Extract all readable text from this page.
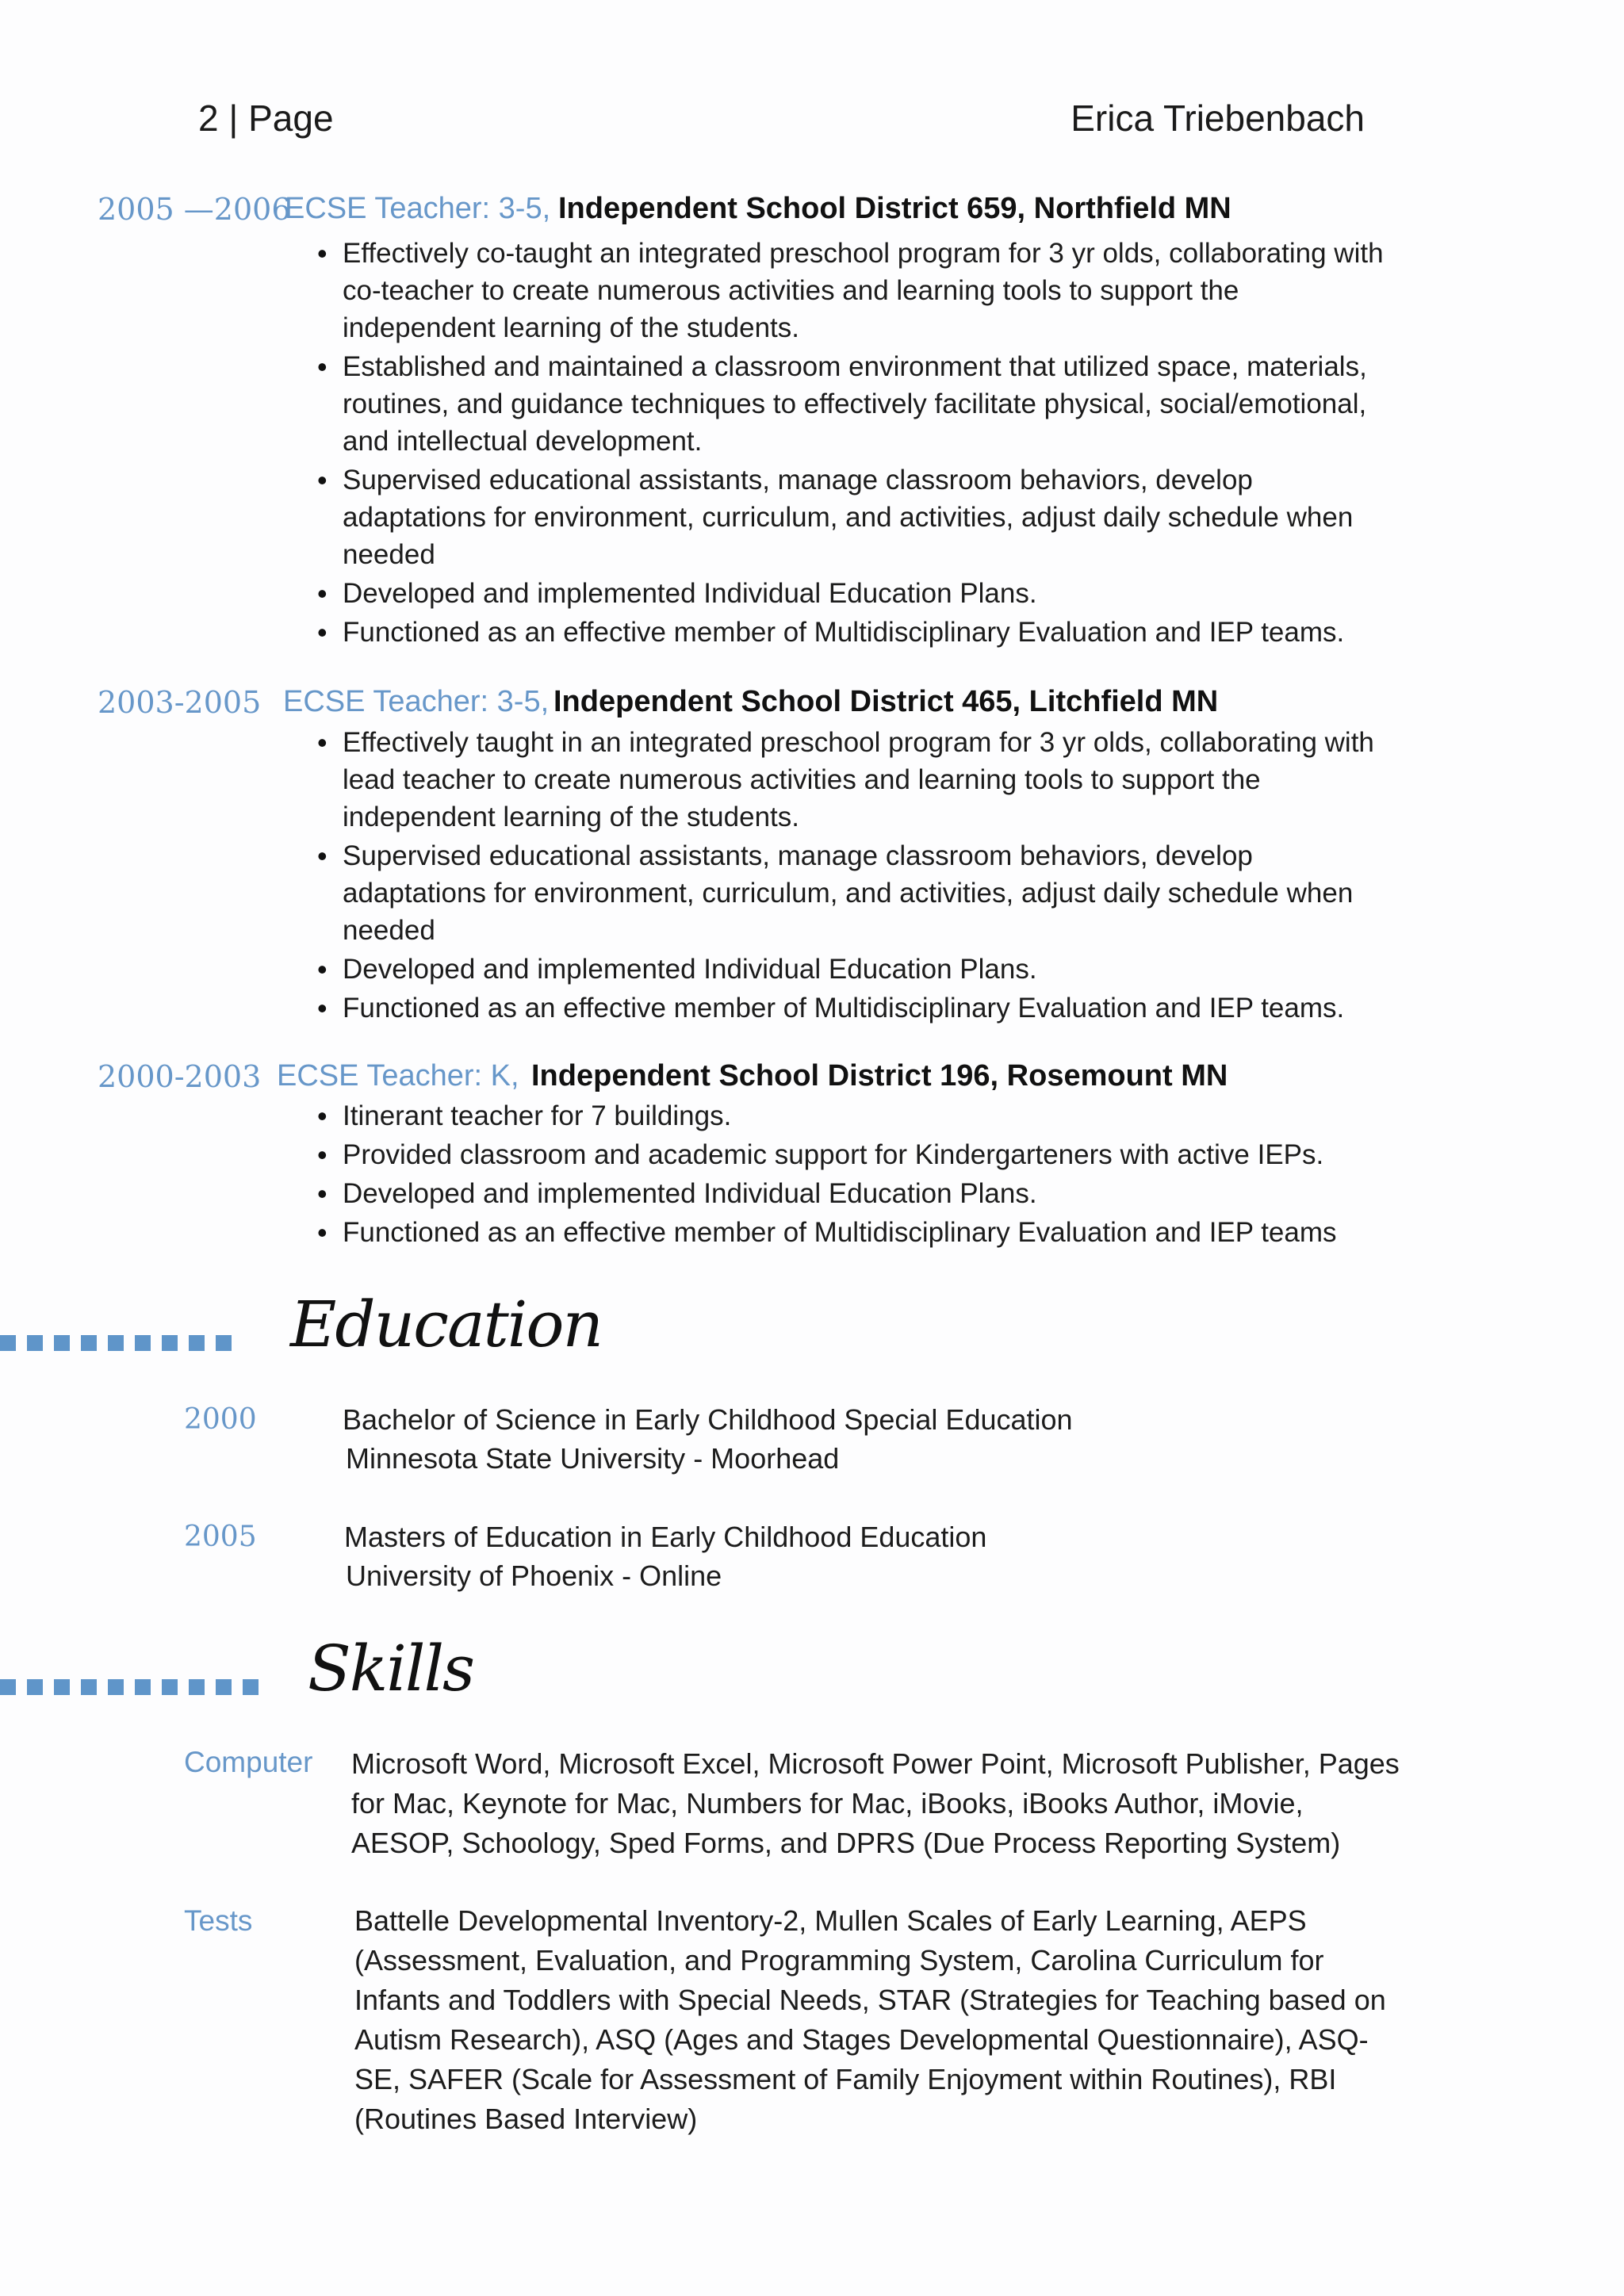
2 | Page	Erica Triebenbach
2005 —2006
ECSE Teacher: 3-5, Independent School District 659, Northfield MN
• Effectively co-taught an integrated preschool program for 3 yr olds, collaborating with co-teacher to create numerous activities and learning tools to support the independent learning of the students.
• Established and maintained a classroom environment that utilized space, materials, routines, and guidance techniques to effectively facilitate physical, social/emotional, and intellectual development.
• Supervised educational assistants, manage classroom behaviors, develop adaptations for environment, curriculum, and activities, adjust daily schedule when needed
• Developed and implemented Individual Education Plans.
• Functioned as an effective member of Multidisciplinary Evaluation and IEP teams.
2003-2005 ECSE Teacher: 3-5, Independent School District 465, Litchfield MN
• Effectively taught in an integrated preschool program for 3 yr olds, collaborating with lead teacher to create numerous activities and learning tools to support the independent learning of the students.
• Supervised educational assistants, manage classroom behaviors, develop adaptations for environment, curriculum, and activities, adjust daily schedule when needed
• Developed and implemented Individual Education Plans.
• Functioned as an effective member of Multidisciplinary Evaluation and IEP teams.
2000-2003 ECSE Teacher: K, Independent School District 196, Rosemount MN
• Itinerant teacher for 7 buildings.
• Provided classroom and academic support for Kindergarteners with active IEPs.
• Developed and implemented Individual Education Plans.
• Functioned as an effective member of Multidisciplinary Evaluation and IEP teams
Education
2000	Bachelor of Science in Early Childhood Special Education
Minnesota State University - Moorhead
2005	Masters of Education in Early Childhood Education
University of Phoenix - Online
Skills
Computer Microsoft Word, Microsoft Excel, Microsoft Power Point, Microsoft Publisher, Pages for Mac, Keynote for Mac, Numbers for Mac, iBooks, iBooks Author, iMovie, AESOP, Schoology, Sped Forms, and DPRS (Due Process Reporting System)
Tests	Battelle Developmental Inventory-2, Mullen Scales of Early Learning, AEPS (Assessment, Evaluation, and Programming System, Carolina Curriculum for Infants and Toddlers with Special Needs, STAR (Strategies for Teaching based on Autism Research), ASQ (Ages and Stages Developmental Questionnaire), ASQ-SE, SAFER (Scale for Assessment of Family Enjoyment within Routines), RBI (Routines Based Interview)
